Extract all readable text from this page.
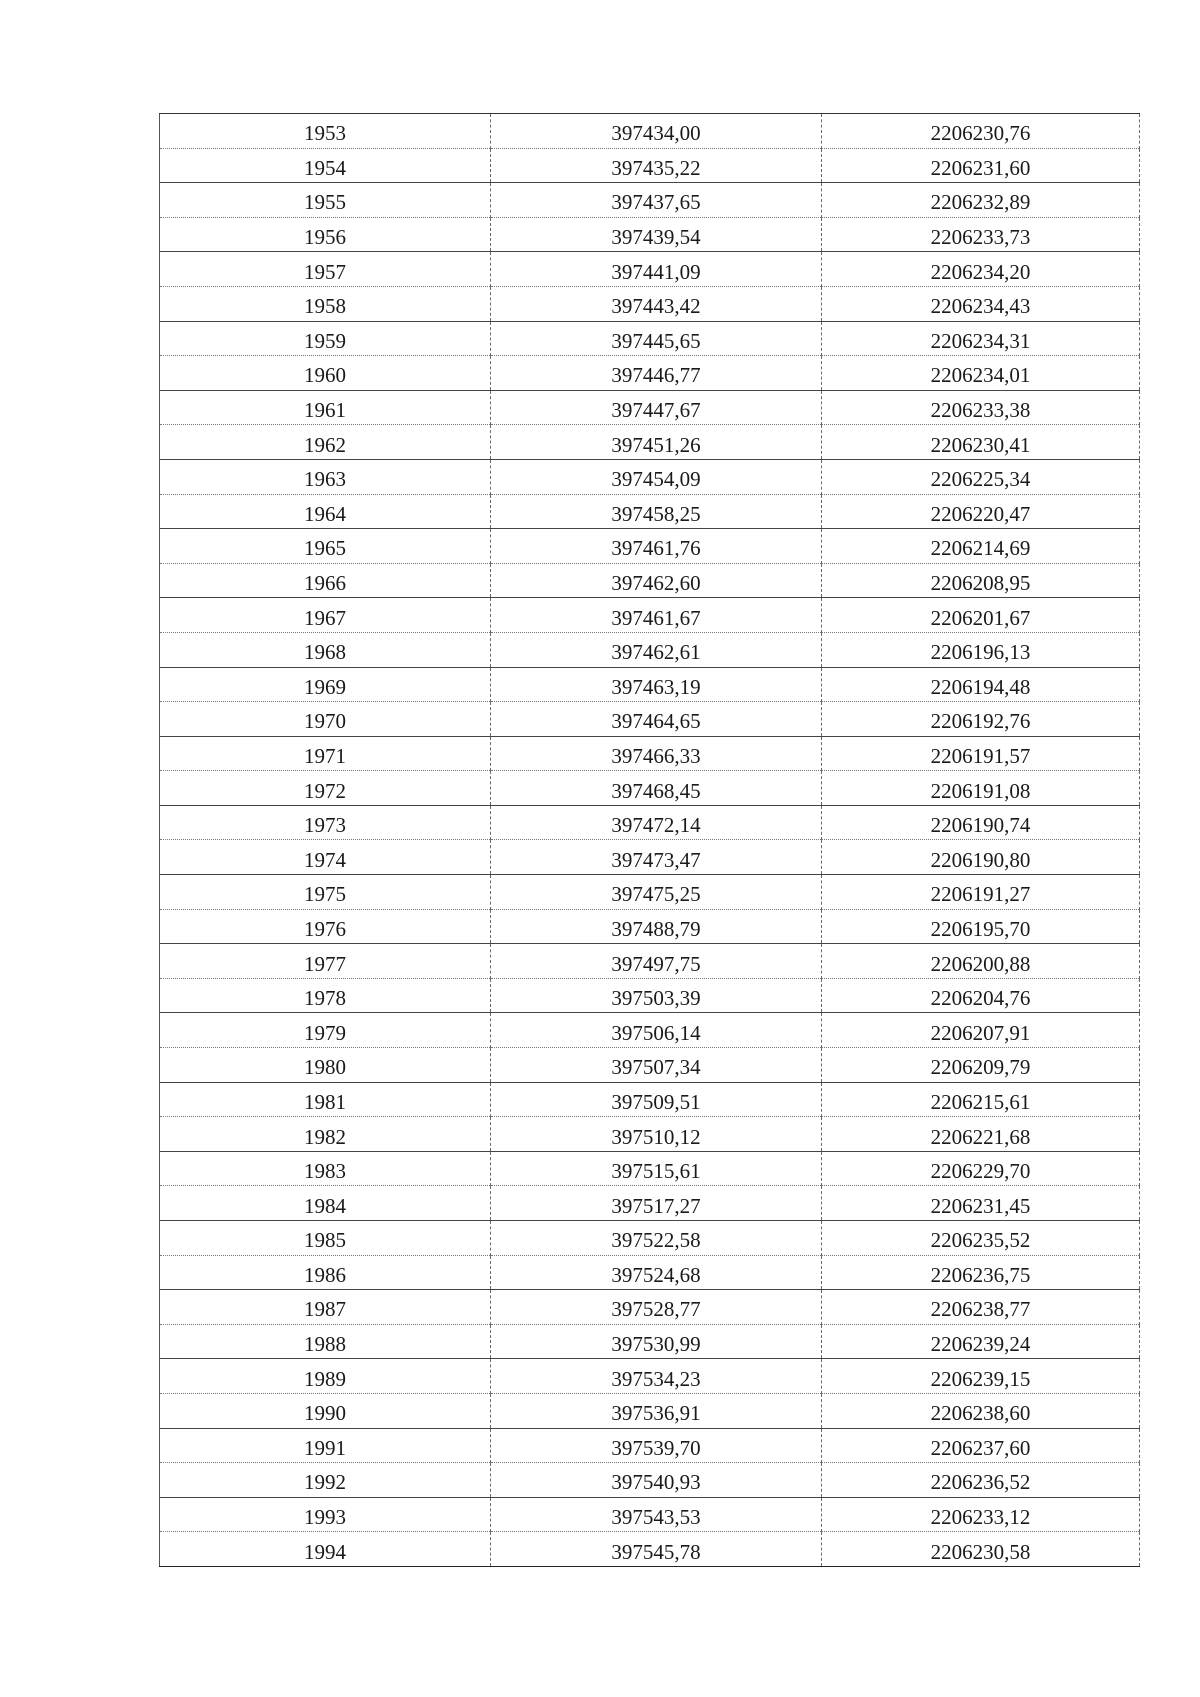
1953	397434,00	2206230,76
1954	397435,22	2206231,60
1955	397437,65	2206232,89
1956	397439,54	2206233,73
1957	397441,09	2206234,20
1958	397443,42	2206234,43
1959	397445,65	2206234,31
1960	397446,77	2206234,01
1961	397447,67	2206233,38
1962	397451,26	2206230,41
1963	397454,09	2206225,34
1964	397458,25	2206220,47
1965	397461,76	2206214,69
1966	397462,60	2206208,95
1967	397461,67	2206201,67
1968	397462,61	2206196,13
1969	397463,19	2206194,48
1970	397464,65	2206192,76
1971	397466,33	2206191,57
1972	397468,45	2206191,08
1973	397472,14	2206190,74
1974	397473,47	2206190,80
1975	397475,25	2206191,27
1976	397488,79	2206195,70
1977	397497,75	2206200,88
1978	397503,39	2206204,76
1979	397506,14	2206207,91
1980	397507,34	2206209,79
1981	397509,51	2206215,61
1982	397510,12	2206221,68
1983	397515,61	2206229,70
1984	397517,27	2206231,45
1985	397522,58	2206235,52
1986	397524,68	2206236,75
1987	397528,77	2206238,77
1988	397530,99	2206239,24
1989	397534,23	2206239,15
1990	397536,91	2206238,60
1991	397539,70	2206237,60
1992	397540,93	2206236,52
1993	397543,53	2206233,12
1994	397545,78	2206230,58
